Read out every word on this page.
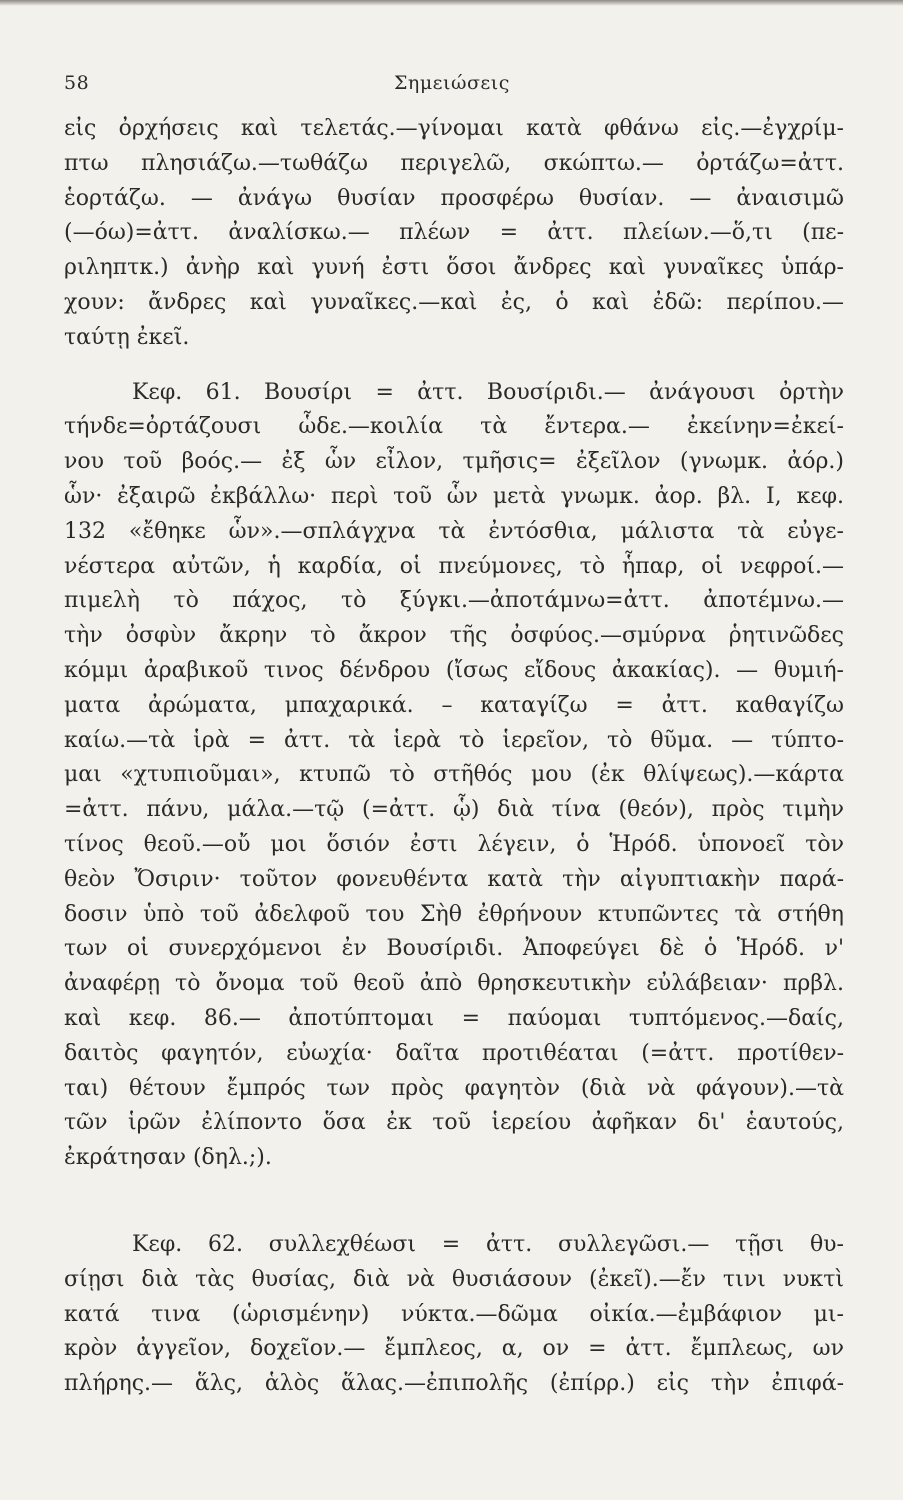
58	Σημειώσεις
εἰς ὀρχήσεις καὶ τελετάς.—γίνομαι κατὰ φθάνω εἰς.—ἐγχρίμ-
πτω πλησιάζω.—τωθάζω περιγελῶ, σκώπτω.— ὀρτάζω=ἀττ.
ἑορτάζω. — ἀνάγω θυσίαν προσφέρω θυσίαν. — ἀναισιμῶ
(—όω)=ἀττ. ἀναλίσκω.— πλέων = ἀττ. πλείων.—ὅ,τι (πε-
ριληπτκ.) ἀνὴρ καὶ γυνή ἐστι ὅσοι ἄνδρες καὶ γυναῖκες ὑπάρ-
χουν: ἄνδρες καὶ γυναῖκες.—καὶ ἐς, ὁ καὶ ἐδῶ: περίπου.—
ταύτῃ ἐκεῖ.
Κεφ. 61. Βουσίρι = ἀττ. Βουσίριδι.— ἀνάγουσι ὀρτὴν
τήνδε=ὀρτάζουσι ὧδε.—κοιλία τὰ ἔντερα.— ἐκείνην=ἐκεί-
νου τοῦ βοός.— ἐξ ὧν εἶλον, τμῆσις= ἐξεῖλον (γνωμκ. ἀόρ.)
ὧν· ἐξαιρῶ ἐκβάλλω· περὶ τοῦ ὧν μετὰ γνωμκ. ἀορ. βλ. Ι, κεφ.
132 «ἔθηκε ὧν».—σπλάγχνα τὰ ἐντόσθια, μάλιστα τὰ εὐγε-
νέστερα αὐτῶν, ἡ καρδία, οἱ πνεύμονες, τὸ ἧπαρ, οἱ νεφροί.—
πιμελὴ τὸ πάχος, τὸ ξύγκι.—ἀποτάμνω=ἀττ. ἀποτέμνω.—
τὴν ὀσφὺν ἄκρην τὸ ἄκρον τῆς ὀσφύος.—σμύρνα ῥητινῶδες
κόμμι ἀραβικοῦ τινος δένδρου (ἴσως εἴδους ἀκακίας). — θυμιή-
ματα ἀρώματα, μπαχαρικά. – καταγίζω = ἀττ. καθαγίζω
καίω.—τὰ ἱρὰ = ἀττ. τὰ ἱερὰ τὸ ἱερεῖον, τὸ θῦμα. — τύπτο-
μαι «χτυπιοῦμαι», κτυπῶ τὸ στῆθός μου (ἐκ θλίψεως).—κάρτα
=ἀττ. πάνυ, μάλα.—τῷ (=ἀττ. ᾧ) διὰ τίνα (θεόν), πρὸς τιμὴν
τίνος θεοῦ.—οὔ μοι ὅσιόν ἐστι λέγειν, ὁ Ἡρόδ. ὑπονοεῖ τὸν
θεὸν Ὄσιριν· τοῦτον φονευθέντα κατὰ τὴν αἰγυπτιακὴν παρά-
δοσιν ὑπὸ τοῦ ἀδελφοῦ του Σὴθ ἐθρήνουν κτυπῶντες τὰ στήθη
των οἱ συνερχόμενοι ἐν Βουσίριδι. Ἀποφεύγει δὲ ὁ Ἡρόδ. ν'
ἀναφέρῃ τὸ ὄνομα τοῦ θεοῦ ἀπὸ θρησκευτικὴν εὐλάβειαν· πρβλ.
καὶ κεφ. 86.— ἀποτύπτομαι = παύομαι τυπτόμενος.—δαίς,
δαιτὸς φαγητόν, εὐωχία· δαῖτα προτιθέαται (=ἀττ. προτίθεν-
ται) θέτουν ἔμπρός των πρὸς φαγητὸν (διὰ νὰ φάγουν).—τὰ
τῶν ἱρῶν ἐλίποντο ὅσα ἐκ τοῦ ἱερείου ἀφῆκαν δι' ἑαυτούς,
ἐκράτησαν (δηλ.;).
Κεφ. 62. συλλεχθέωσι = ἀττ. συλλεγῶσι.— τῇσι θυ-
σίῃσι διὰ τὰς θυσίας, διὰ νὰ θυσιάσουν (ἐκεῖ).—ἔν τινι νυκτὶ
κατά τινα (ὡρισμένην) νύκτα.—δῶμα οἰκία.—ἐμβάφιον μι-
κρὸν ἀγγεῖον, δοχεῖον.— ἔμπλεος, α, ον = ἀττ. ἔμπλεως, ων
πλήρης.— ἅλς, ἁλὸς ἅλας.—ἐπιπολῆς (ἐπίρρ.) εἰς τὴν ἐπιφά-
